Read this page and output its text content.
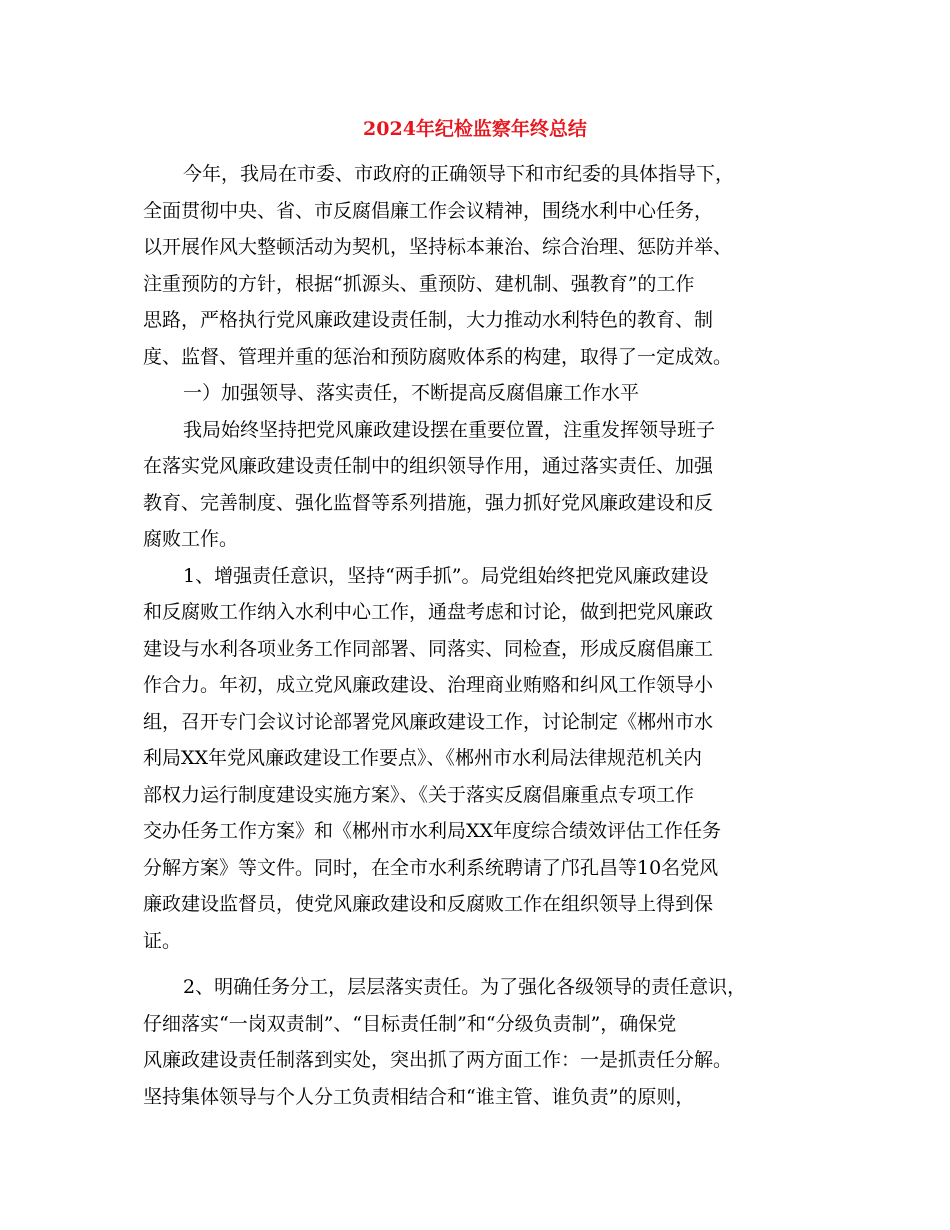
2024年纪检监察年终总结
今年，我局在市委、市政府的正确领导下和市纪委的具体指导下，
全面贯彻中央、省、市反腐倡廉工作会议精神，围绕水利中心任务，
以开展作风大整顿活动为契机，坚持标本兼治、综合治理、惩防并举、
注重预防的方针，根据“抓源头、重预防、建机制、强教育”的工作
思路，严格执行党风廉政建设责任制，大力推动水利特色的教育、制
度、监督、管理并重的惩治和预防腐败体系的构建，取得了一定成效。
一）加强领导、落实责任，不断提高反腐倡廉工作水平
我局始终坚持把党风廉政建设摆在重要位置，注重发挥领导班子
在落实党风廉政建设责任制中的组织领导作用，通过落实责任、加强
教育、完善制度、强化监督等系列措施，强力抓好党风廉政建设和反
腐败工作。
1、增强责任意识，坚持“两手抓”。局党组始终把党风廉政建设
和反腐败工作纳入水利中心工作，通盘考虑和讨论，做到把党风廉政
建设与水利各项业务工作同部署、同落实、同检查，形成反腐倡廉工
作合力。年初，成立党风廉政建设、治理商业贿赂和纠风工作领导小
组，召开专门会议讨论部署党风廉政建设工作，讨论制定《郴州市水
利局XX年党风廉政建设工作要点》、《郴州市水利局法律规范机关内
部权力运行制度建设实施方案》、《关于落实反腐倡廉重点专项工作
交办任务工作方案》和《郴州市水利局XX年度综合绩效评估工作任务
分解方案》等文件。同时，在全市水利系统聘请了邝孔昌等10名党风
廉政建设监督员，使党风廉政建设和反腐败工作在组织领导上得到保
证。
2、明确任务分工，层层落实责任。为了强化各级领导的责任意识，
仔细落实“一岗双责制”、“目标责任制”和“分级负责制”，确保党
风廉政建设责任制落到实处，突出抓了两方面工作：一是抓责任分解。
坚持集体领导与个人分工负责相结合和“谁主管、谁负责”的原则，
